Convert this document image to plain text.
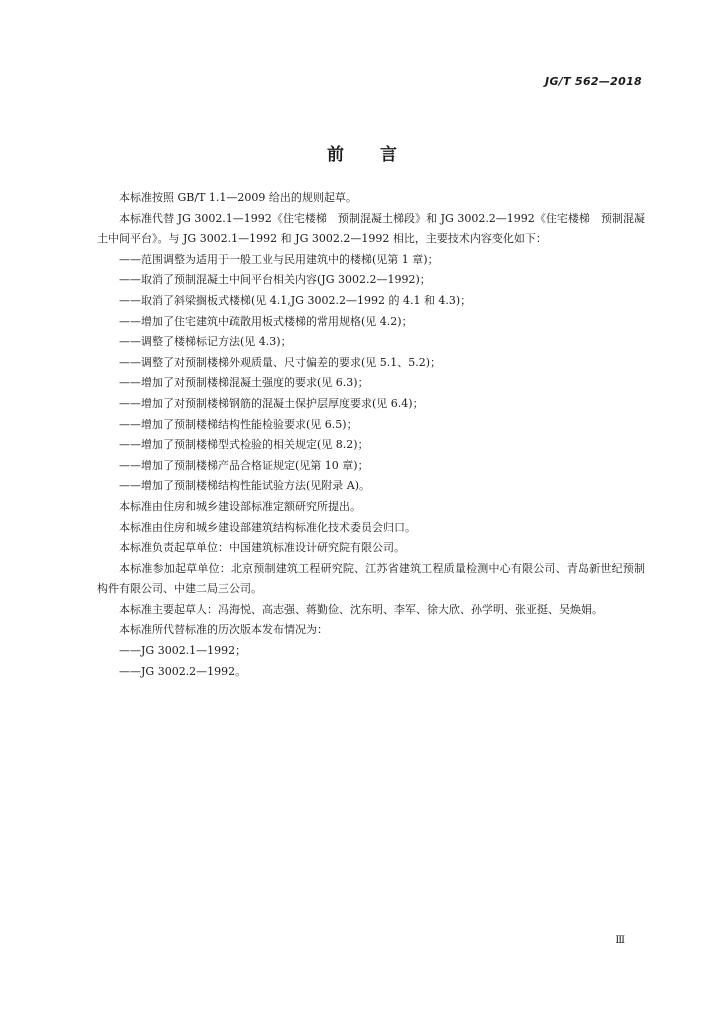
JG/T 562—2018
前言

本标准按照 GB/T 1.1—2009 给出的规则起草。

本标准代替 JG 3002.1—1992《住宅楼梯　预制混凝土梯段》和 JG 3002.2—1992《住宅楼梯　预制混凝土中间平台》。与 JG 3002.1—1992 和 JG 3002.2—1992 相比，主要技术内容变化如下：

——范围调整为适用于一般工业与民用建筑中的楼梯(见第 1 章)；

——取消了预制混凝土中间平台相关内容(JG 3002.2—1992)；

——取消了斜梁搁板式楼梯(见 4.1,JG 3002.2—1992 的 4.1 和 4.3)；

——增加了住宅建筑中疏散用板式楼梯的常用规格(见 4.2)；

——调整了楼梯标记方法(见 4.3)；

——调整了对预制楼梯外观质量、尺寸偏差的要求(见 5.1、5.2)；

——增加了对预制楼梯混凝土强度的要求(见 6.3)；

——增加了对预制楼梯钢筋的混凝土保护层厚度要求(见 6.4)；

——增加了预制楼梯结构性能检验要求(见 6.5)；

——增加了预制楼梯型式检验的相关规定(见 8.2)；

——增加了预制楼梯产品合格证规定(见第 10 章)；

——增加了预制楼梯结构性能试验方法(见附录 A)。

本标准由住房和城乡建设部标准定额研究所提出。

本标准由住房和城乡建设部建筑结构标准化技术委员会归口。

本标准负责起草单位：中国建筑标准设计研究院有限公司。

本标准参加起草单位：北京预制建筑工程研究院、江苏省建筑工程质量检测中心有限公司、青岛新世纪预制构件有限公司、中建二局三公司。

本标准主要起草人：冯海悦、高志强、蒋勤俭、沈东明、李军、徐大欣、孙学明、张亚挺、吴焕娟。

本标准所代替标准的历次版本发布情况为：

——JG 3002.1—1992；

——JG 3002.2—1992。

Ⅲ
